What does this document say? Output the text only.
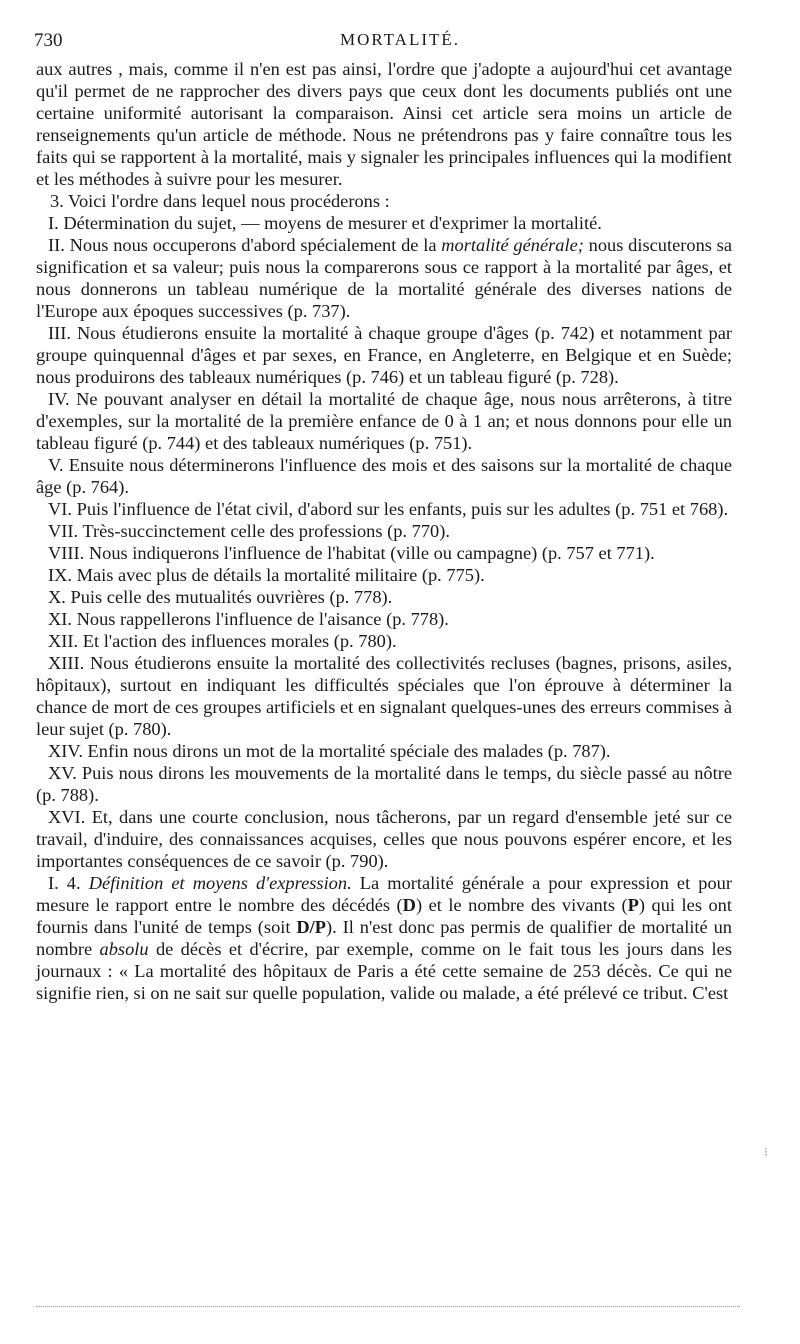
730	MORTALITÉ.

aux autres , mais, comme il n'en est pas ainsi, l'ordre que j'adopte a aujourd'hui cet avantage qu'il permet de ne rapprocher des divers pays que ceux dont les documents publiés ont une certaine uniformité autorisant la comparaison. Ainsi cet article sera moins un article de renseignements qu'un article de méthode. Nous ne prétendrons pas y faire connaître tous les faits qui se rapportent à la mortalité, mais y signaler les principales influences qui la modifient et les méthodes à suivre pour les mesurer.

3. Voici l'ordre dans lequel nous procéderons :

I. Détermination du sujet, — moyens de mesurer et d'exprimer la mortalité.

II. Nous nous occuperons d'abord spécialement de la mortalité générale; nous discuterons sa signification et sa valeur; puis nous la comparerons sous ce rapport à la mortalité par âges, et nous donnerons un tableau numérique de la mortalité générale des diverses nations de l'Europe aux époques successives (p. 737).

III. Nous étudierons ensuite la mortalité à chaque groupe d'âges (p. 742) et notamment par groupe quinquennal d'âges et par sexes, en France, en Angleterre, en Belgique et en Suède; nous produirons des tableaux numériques (p. 746) et un tableau figuré (p. 728).

IV. Ne pouvant analyser en détail la mortalité de chaque âge, nous nous arrêterons, à titre d'exemples, sur la mortalité de la première enfance de 0 à 1 an; et nous donnons pour elle un tableau figuré (p. 744) et des tableaux numériques (p. 751).

V. Ensuite nous déterminerons l'influence des mois et des saisons sur la mortalité de chaque âge (p. 764).

VI. Puis l'influence de l'état civil, d'abord sur les enfants, puis sur les adultes (p. 751 et 768).

VII. Très-succinctement celle des professions (p. 770).

VIII. Nous indiquerons l'influence de l'habitat (ville ou campagne) (p. 757 et 771).

IX. Mais avec plus de détails la mortalité militaire (p. 775).

X. Puis celle des mutualités ouvrières (p. 778).

XI. Nous rappellerons l'influence de l'aisance (p. 778).

XII. Et l'action des influences morales (p. 780).

XIII. Nous étudierons ensuite la mortalité des collectivités recluses (bagnes, prisons, asiles, hôpitaux), surtout en indiquant les difficultés spéciales que l'on éprouve à déterminer la chance de mort de ces groupes artificiels et en signalant quelques-unes des erreurs commises à leur sujet (p. 780).

XIV. Enfin nous dirons un mot de la mortalité spéciale des malades (p. 787).

XV. Puis nous dirons les mouvements de la mortalité dans le temps, du siècle passé au nôtre (p. 788).

XVI. Et, dans une courte conclusion, nous tâcherons, par un regard d'ensemble jeté sur ce travail, d'induire, des connaissances acquises, celles que nous pouvons espérer encore, et les importantes conséquences de ce savoir (p. 790).

I. 4. Définition et moyens d'expression. La mortalité générale a pour expression et pour mesure le rapport entre le nombre des décédés (D) et le nombre des vivants (P) qui les ont fournis dans l'unité de temps (soit D/P). Il n'est donc pas permis de qualifier de mortalité un nombre absolu de décès et d'écrire, par exemple, comme on le fait tous les jours dans les journaux : « La mortalité des hôpitaux de Paris a été cette semaine de 253 décès. Ce qui ne signifie rien, si on ne sait sur quelle population, valide ou malade, a été prélevé ce tribut. C'est

⁝
